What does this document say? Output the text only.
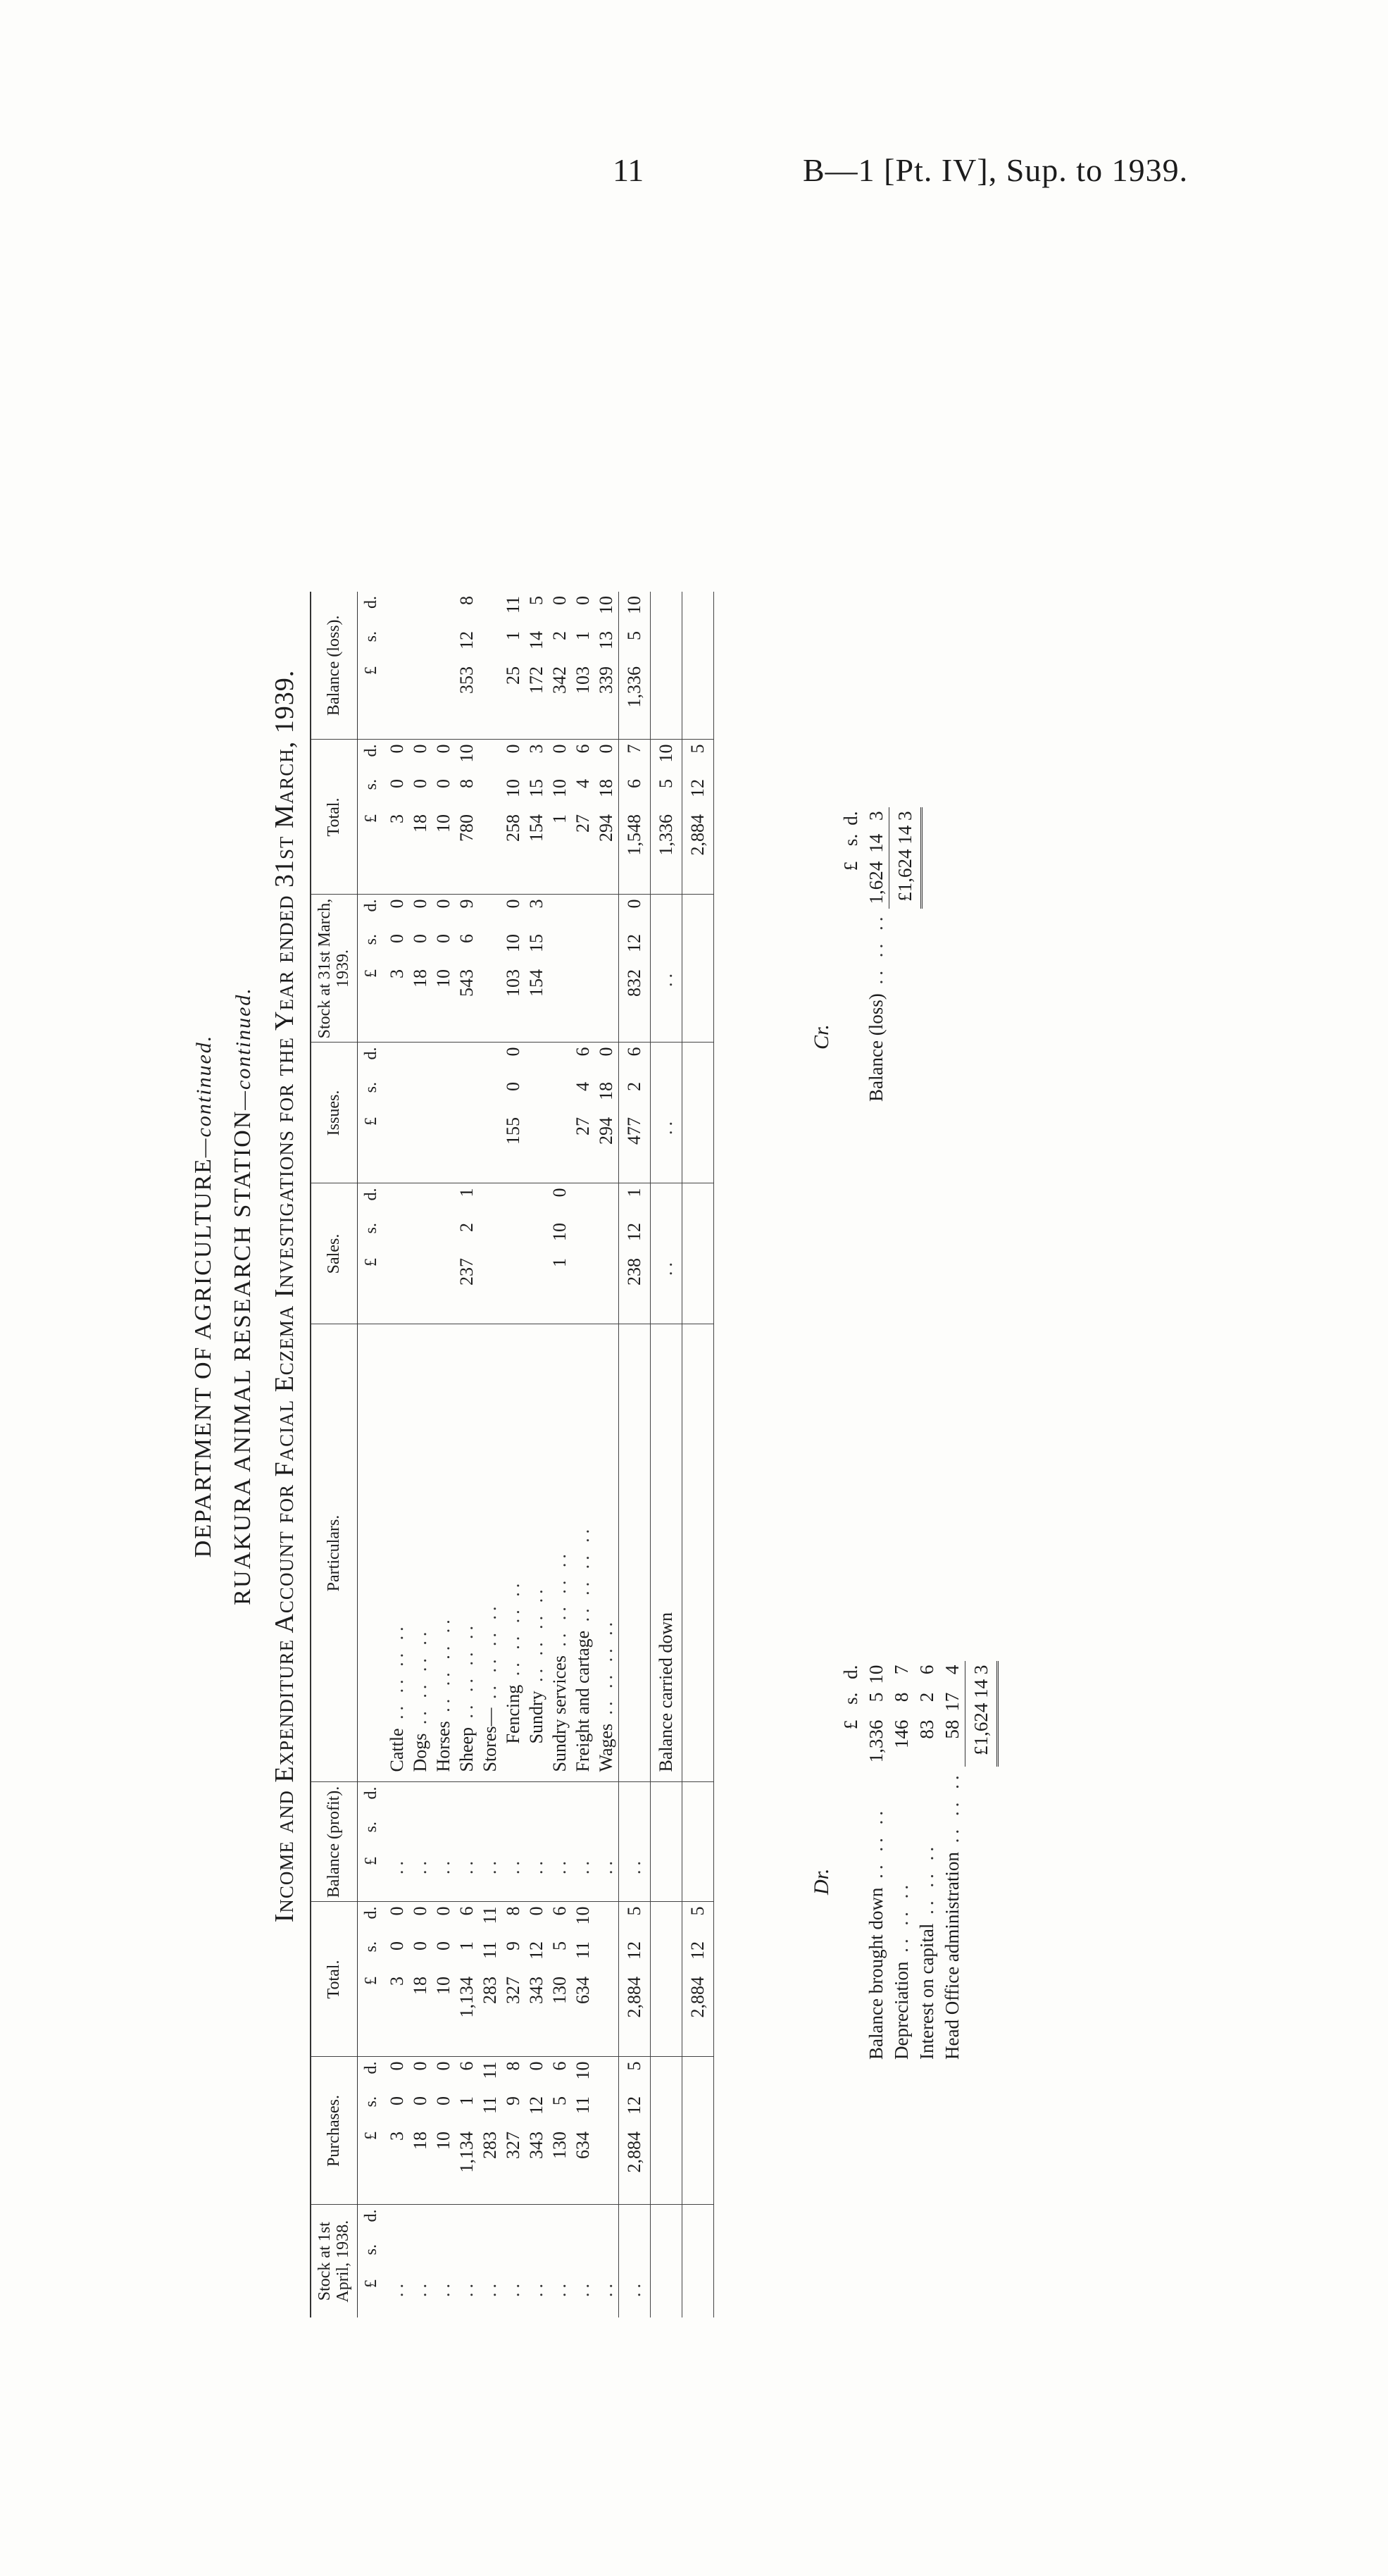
11	B—1 [Pt. IV], Sup. to 1939.
DEPARTMENT OF AGRICULTURE—continued.
RUAKURA ANIMAL RESEARCH STATION—continued. Income and Expenditure Account for Facial Eczema Investigations for the Year ended 31st March, 1939.
Stock at 1st April, 1938.			Purchases.			Total.			Balance (profit).			Particulars.	Sales.			Issues.			Stock at 31st March, 1939.			Total.			Balance (loss).		
£	s.	d.	£	s.	d.	£	s.	d.	£	s.	d.		£	s.	d.	£	s.	d.	£	s.	d.	£	s.	d.	£	s.	d.
..			3	0	0	3	0	0	..			Cattle .. .. .. ..							3	0	0	3	0	0			
..			18	0	0	18	0	0	..			Dogs .. .. .. ..							18	0	0	18	0	0			
..			10	0	0	10	0	0	..			Horses .. .. .. ..							10	0	0	10	0	0			
..			1,134	1	6	1,134	1	6	..			Sheep .. .. .. ..	237	2	1				543	6	9	780	8	10	353	12	8
..			283	11	11	283	11	11	..			Stores— .. .. .. ..															
..			327	9	8	327	9	8	..			Fencing .. .. .. ..				155	0	0	103	10	0	258	10	0	25	1	11
..			343	12	0	343	12	0	..			Sundry .. .. .. ..							154	15	3	154	15	3	172	14	5
..			130	5	6	130	5	6	..			Sundry services .. .. .. ..	1	10	0							1	10	0	342	2	0
..			634	11	10	634	11	10	..			Freight and cartage .. .. .. ..				27	4	6				27	4	6	103	1	0
..									..			Wages .. .. .. ..				294	18	0				294	18	0	339	13	10
..			2,884	12	5	2,884	12	5	..				238	12	1	477	2	6	832	12	0	1,548	6	7	1,336	5	10
												Balance carried down	..			..			..			1,336	5	10			
						2,884	12	5														2,884	12	5			
Dr.
	£	s.	d.
Balance brought down .. .. ..	1,336	5	10
Depreciation .. .. ..	146	8	7
Interest on capital .. .. ..	83	2	6
Head Office administration .. .. ..	58	17	4
	£1,624 14 3		
Cr.
	£	s.	d.
Balance (loss) .. .. ..	1,624	14	3
	£1,624 14 3		
